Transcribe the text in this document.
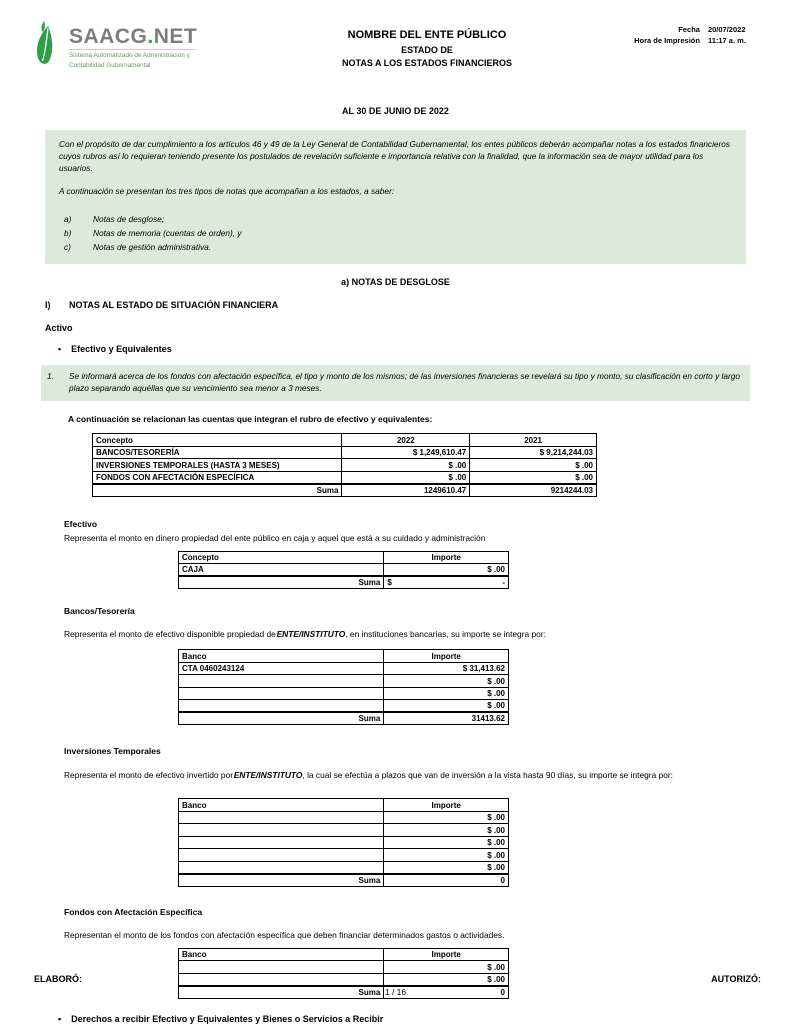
SAACG.NET
Sistema Automatizado de Administración y
Contabilidad Gubernamental
NOMBRE DEL ENTE PÚBLICO
ESTADO DE
NOTAS A LOS ESTADOS FINANCIEROS
Fecha 20/07/2022
Hora de Impresión 11:17 a. m.
AL 30 DE JUNIO DE 2022
Con el propósito de dar cumplimiento a los artículos 46 y 49 de la Ley General de Contabilidad Gubernamental, los entes públicos deberán acompañar notas a los estados financieros cuyos rubros así lo requieran teniendo presente los postulados de revelación suficiente e importancia relativa con la finalidad, que la información sea de mayor utilidad para los usuarios.
A continuación se presentan los tres tipos de notas que acompañan a los estados, a saber:
a)	Notas de desglose;
b)	Notas de memoria (cuentas de orden), y
c)	Notas de gestión administrativa.
a) NOTAS DE DESGLOSE
I) NOTAS AL ESTADO DE SITUACIÓN FINANCIERA
Activo
• Efectivo y Equivalentes
1.	Se informará acerca de los fondos con afectación específica, el tipo y monto de los mismos; de las inversiones financieras se revelará su tipo y monto, su clasificación en corto y largo plazo separando aquéllas que su vencimiento sea menor a 3 meses.
A continuación se relacionan las cuentas que integran el rubro de efectivo y equivalentes:
Concepto	2022	2021
BANCOS/TESORERÍA	$ 1,249,610.47	$ 9,214,244.03
INVERSIONES TEMPORALES (HASTA 3 MESES)	$ .00	$ .00
FONDOS CON AFECTACIÓN ESPECÍFICA	$ .00	$ .00
Suma	1249610.47	9214244.03
Efectivo
Representa el monto en dinero propiedad del ente público en caja y aquel que está a su cuidado y administración
Concepto	Importe
CAJA	$ .00
Suma	$ -
Bancos/Tesorería
Representa el monto de efectivo disponible propiedad de ENTE/INSTITUTO, en instituciones bancarias, su importe se integra por:
Banco	Importe
CTA 0460243124	$ 31,413.62
	$ .00
	$ .00
	$ .00
Suma	31413.62
Inversiones Temporales
Representa el monto de efectivo invertido por ENTE/INSTITUTO, la cual se efectúa a plazos que van de inversión a la vista hasta 90 días, su importe se integra por:
Banco	Importe
	$ .00
	$ .00
	$ .00
	$ .00
	$ .00
Suma	0
Fondos con Afectación Específica
Representan el monto de los fondos con afectación específica que deben financiar determinados gastos o actividades.
Banco	Importe
	$ .00
	$ .00
Suma	0
• Derechos a recibir Efectivo y Equivalentes y Bienes o Servicios a Recibir
ELABORÓ:	AUTORIZÓ:
1 / 16
